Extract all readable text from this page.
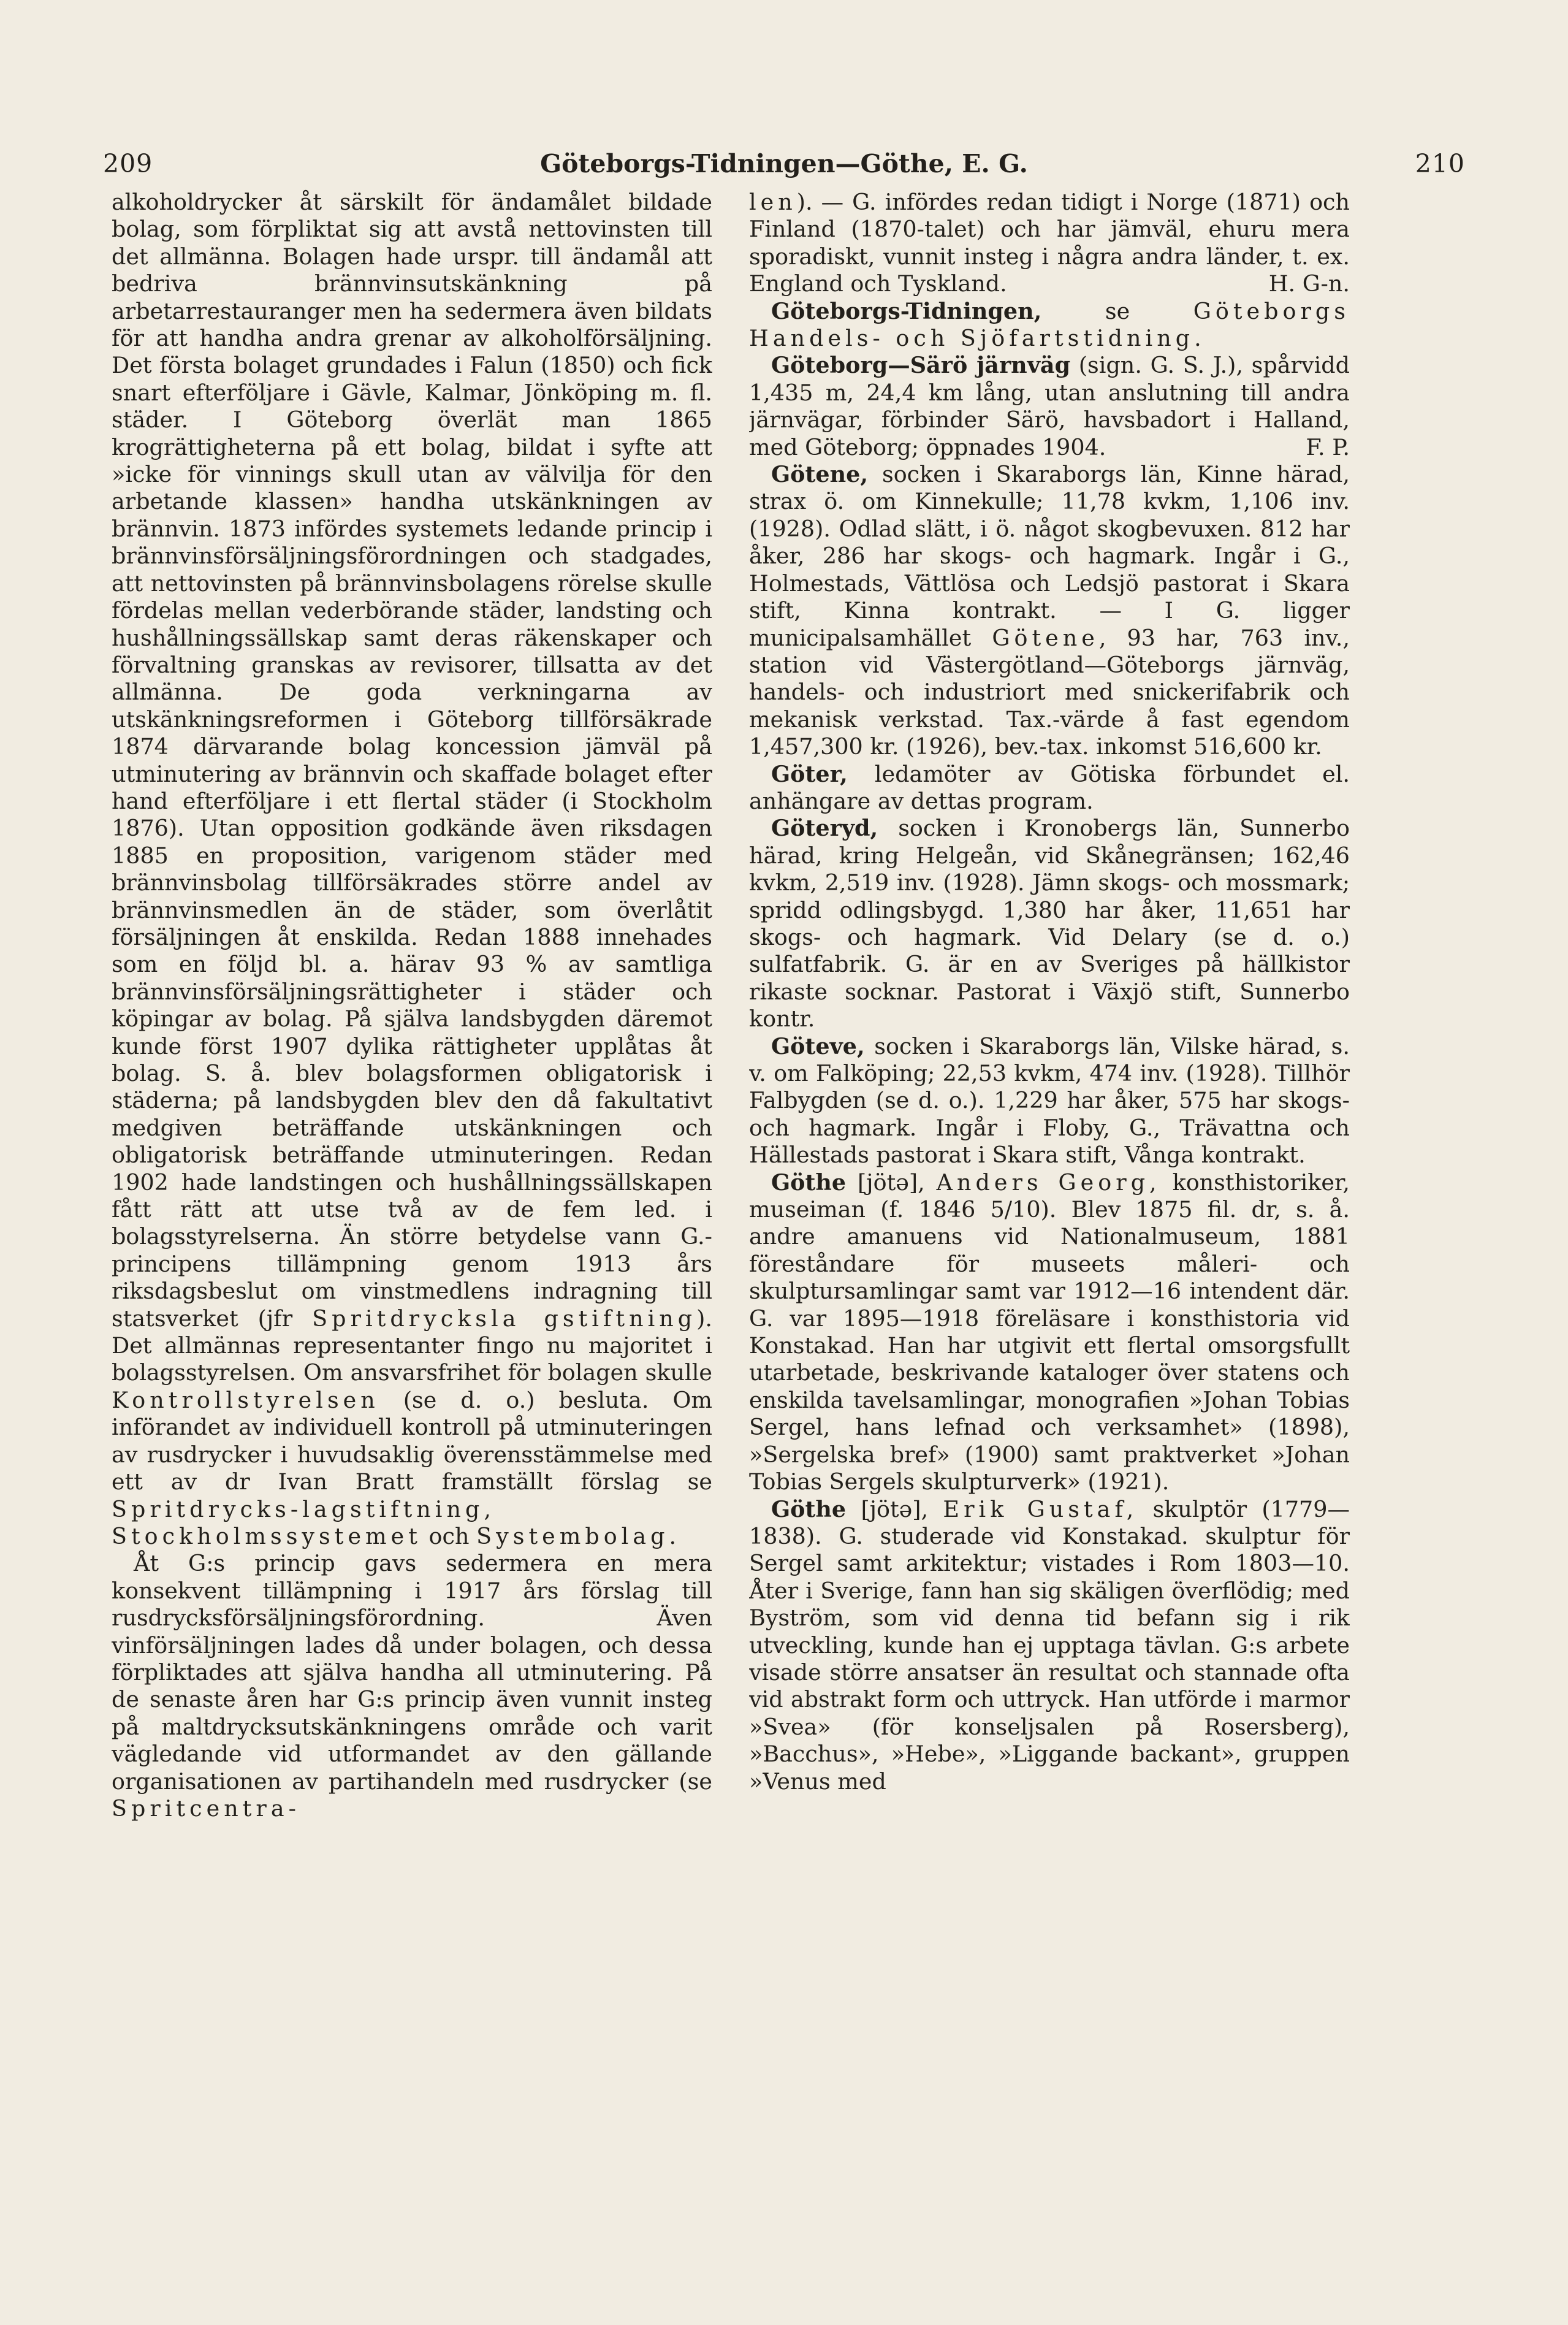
209	Göteborgs-Tidningen—Göthe, E. G.	210

alkoholdrycker åt särskilt för ändamålet bildade bolag, som förpliktat sig att avstå nettovinsten till det allmänna. Bolagen hade urspr. till ändamål att bedriva brännvinsutskänkning på arbetarrestauranger men ha sedermera även bildats för att handha andra grenar av alkoholförsäljning. Det första bolaget grundades i Falun (1850) och fick snart efterföljare i Gävle, Kalmar, Jönköping m. fl. städer. I Göteborg överlät man 1865 krogrättigheterna på ett bolag, bildat i syfte att »icke för vinnings skull utan av välvilja för den arbetande klassen» handha utskänkningen av brännvin. 1873 infördes systemets ledande princip i brännvinsförsäljningsförordningen och stadgades, att nettovinsten på brännvinsbolagens rörelse skulle fördelas mellan vederbörande städer, landsting och hushållningssällskap samt deras räkenskaper och förvaltning granskas av revisorer, tillsatta av det allmänna. De goda verkningarna av utskänkningsreformen i Göteborg tillförsäkrade 1874 därvarande bolag koncession jämväl på utminutering av brännvin och skaffade bolaget efter hand efterföljare i ett flertal städer (i Stockholm 1876). Utan opposition godkände även riksdagen 1885 en proposition, varigenom städer med brännvinsbolag tillförsäkrades större andel av brännvinsmedlen än de städer, som överlåtit försäljningen åt enskilda. Redan 1888 innehades som en följd bl. a. härav 93 % av samtliga brännvinsförsäljningsrättigheter i städer och köpingar av bolag. På själva landsbygden däremot kunde först 1907 dylika rättigheter upplåtas åt bolag. S. å. blev bolagsformen obligatorisk i städerna; på landsbygden blev den då fakultativt medgiven beträffande utskänkningen och obligatorisk beträffande utminuteringen. Redan 1902 hade landstingen och hushållningssällskapen fått rätt att utse två av de fem led. i bolagsstyrelserna. Än större betydelse vann G.-principens tillämpning genom 1913 års riksdagsbeslut om vinstmedlens indragning till statsverket (jfr Spritdrycksla gstiftning). Det allmännas representanter fingo nu majoritet i bolagsstyrelsen. Om ansvarsfrihet för bolagen skulle Kontrollstyrelsen (se d. o.) besluta. Om införandet av individuell kontroll på utminuteringen av rusdrycker i huvudsaklig överensstämmelse med ett av dr Ivan Bratt framställt förslag se Spritdrycks-lagstiftning, Stockholmssystemet och Systembolag.

Åt G:s princip gavs sedermera en mera konsekvent tillämpning i 1917 års förslag till rusdrycksförsäljningsförordning. Även vinförsäljningen lades då under bolagen, och dessa förpliktades att själva handha all utminutering. På de senaste åren har G:s princip även vunnit insteg på maltdrycksutskänkningens område och varit vägledande vid utformandet av den gällande organisationen av partihandeln med rusdrycker (se Spritcentra-

len). — G. infördes redan tidigt i Norge (1871) och Finland (1870-talet) och har jämväl, ehuru mera sporadiskt, vunnit insteg i några andra länder, t. ex. England och Tyskland.	H. G-n.

Göteborgs-Tidningen,	se	Göteborgs Handels- och Sjöfartstidning.

Göteborg—Särö järnväg (sign. G. S. J.), spårvidd 1,435 m, 24,4 km lång, utan anslutning till andra järnvägar, förbinder Särö, havsbadort i Halland, med Göteborg; öppnades 1904.	F. P.

Götene, socken i Skaraborgs län, Kinne härad, strax ö. om Kinnekulle; 11,78 kvkm, 1,106 inv. (1928). Odlad slätt, i ö. något skogbevuxen. 812 har åker, 286 har skogs- och hagmark. Ingår i G., Holmestads, Vättlösa och Ledsjö pastorat i Skara stift, Kinna kontrakt. — I G. ligger municipalsamhället Götene, 93 har, 763 inv., station vid Västergötland—Göteborgs järnväg, handels- och industriort med snickerifabrik och mekanisk verkstad. Tax.-värde å fast egendom 1,457,300 kr. (1926), bev.-tax. inkomst 516,600 kr.

Göter, ledamöter av Götiska förbundet el. anhängare av dettas program.

Göteryd, socken i Kronobergs län, Sunnerbo härad, kring Helgeån, vid Skånegränsen; 162,46 kvkm, 2,519 inv. (1928). Jämn skogs- och mossmark; spridd odlingsbygd. 1,380 har åker, 11,651 har skogs- och hagmark. Vid Delary (se d. o.) sulfatfabrik. G. är en av Sveriges på hällkistor rikaste socknar. Pastorat i Växjö stift, Sunnerbo kontr.

Göteve, socken i Skaraborgs län, Vilske härad, s. v. om Falköping; 22,53 kvkm, 474 inv. (1928). Tillhör Falbygden (se d. o.). 1,229 har åker, 575 har skogs- och hagmark. Ingår i Floby, G., Trävattna och Hällestads pastorat i Skara stift, Vånga kontrakt.

Göthe [jötə], Anders Georg, konsthistoriker, museiman (f. 1846 5/10). Blev 1875 fil. dr, s. å. andre amanuens vid Nationalmuseum, 1881 föreståndare för museets måleri- och skulptursamlingar samt var 1912—16 intendent där. G. var 1895—1918 föreläsare i konsthistoria vid Konstakad. Han har utgivit ett flertal omsorgsfullt utarbetade, beskrivande kataloger över statens och enskilda tavelsamlingar, monografien »Johan Tobias Sergel, hans lefnad och verksamhet» (1898), »Sergelska bref» (1900) samt praktverket »Johan Tobias Sergels skulpturverk» (1921).

Göthe [jötə], Erik Gustaf, skulptör (1779—1838). G. studerade vid Konstakad. skulptur för Sergel samt arkitektur; vistades i Rom 1803—10. Åter i Sverige, fann han sig skäligen överflödig; med Byström, som vid denna tid befann sig i rik utveckling, kunde han ej upptaga tävlan. G:s arbete visade större ansatser än resultat och stannade ofta vid abstrakt form och uttryck. Han utförde i marmor »Svea» (för konseljsalen på Rosersberg), »Bacchus», »Hebe», »Liggande backant», gruppen »Venus med
